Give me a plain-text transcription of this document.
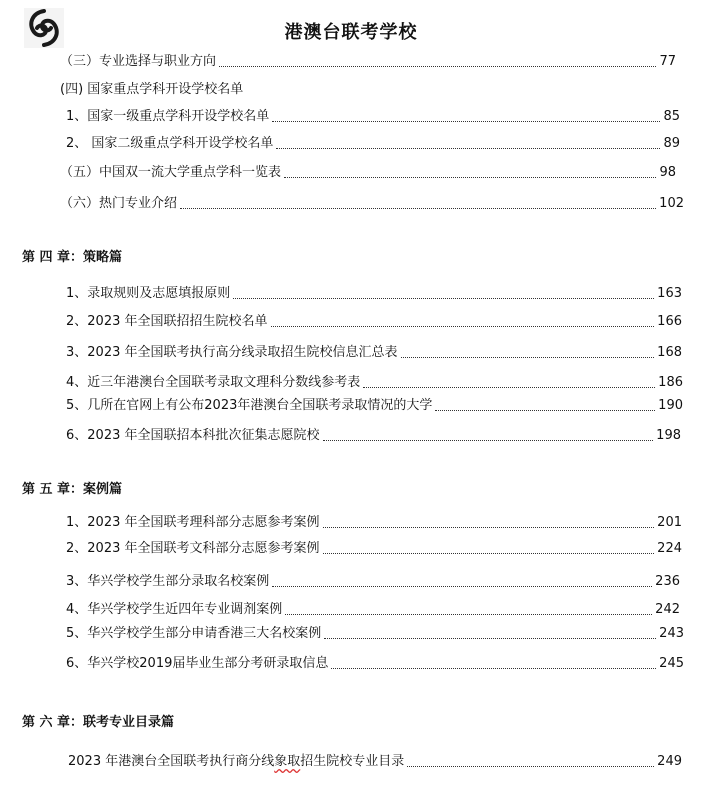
港澳台联考学校
（三）专业选择与职业方向	77
(四) 国家重点学科开设学校名单
1、国家一级重点学科开设学校名单	85
2、 国家二级重点学科开设学校名单	89
（五）中国双一流大学重点学科一览表	98
（六）热门专业介绍	102
第 四 章：策略篇
1、录取规则及志愿填报原则	163
2、2023 年全国联招招生院校名单	166
3、2023 年全国联考执行高分线录取招生院校信息汇总表	168
4、近三年港澳台全国联考录取文理科分数线参考表	186
5、几所在官网上有公布2023年港澳台全国联考录取情况的大学	190
6、2023 年全国联招本科批次征集志愿院校	198
第 五 章：案例篇
1、2023 年全国联考理科部分志愿参考案例	201
2、2023 年全国联考文科部分志愿参考案例	224
3、华兴学校学生部分录取名校案例	236
4、华兴学校学生近四年专业调剂案例	242
5、华兴学校学生部分申请香港三大名校案例	243
6、华兴学校2019届毕业生部分考研录取信息	245
第 六 章：联考专业目录篇
2023 年港澳台全国联考执行商分线象取招生院校专业目录	249
